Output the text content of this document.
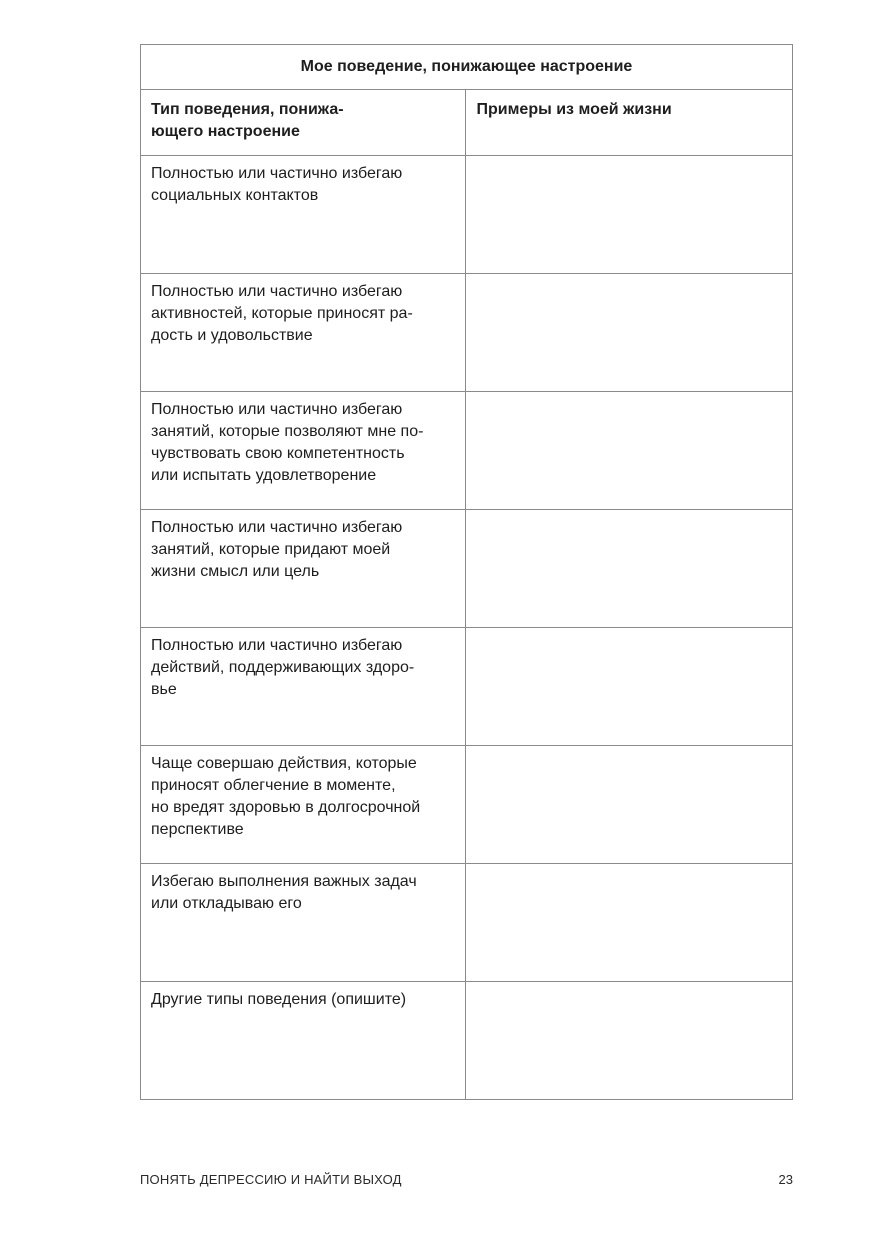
Мое поведение, понижающее настроение	

Тип поведения, понижа-
ющего настроение	Примеры из моей жизни

Полностью или частично избегаю
социальных контактов	

Полностью или частично избегаю
активностей, которые приносят ра-
дость и удовольствие	

Полностью или частично избегаю
занятий, которые позволяют мне по-
чувствовать свою компетентность
или испытать удовлетворение	

Полностью или частично избегаю
занятий, которые придают моей
жизни смысл или цель	

Полностью или частично избегаю
действий, поддерживающих здоро-
вье	

Чаще совершаю действия, которые
приносят облегчение в моменте,
но вредят здоровью в долгосрочной
перспективе	

Избегаю выполнения важных задач
или откладываю его	

Другие типы поведения (опишите)	

ПОНЯТЬ ДЕПРЕССИЮ И НАЙТИ ВЫХОД	23
